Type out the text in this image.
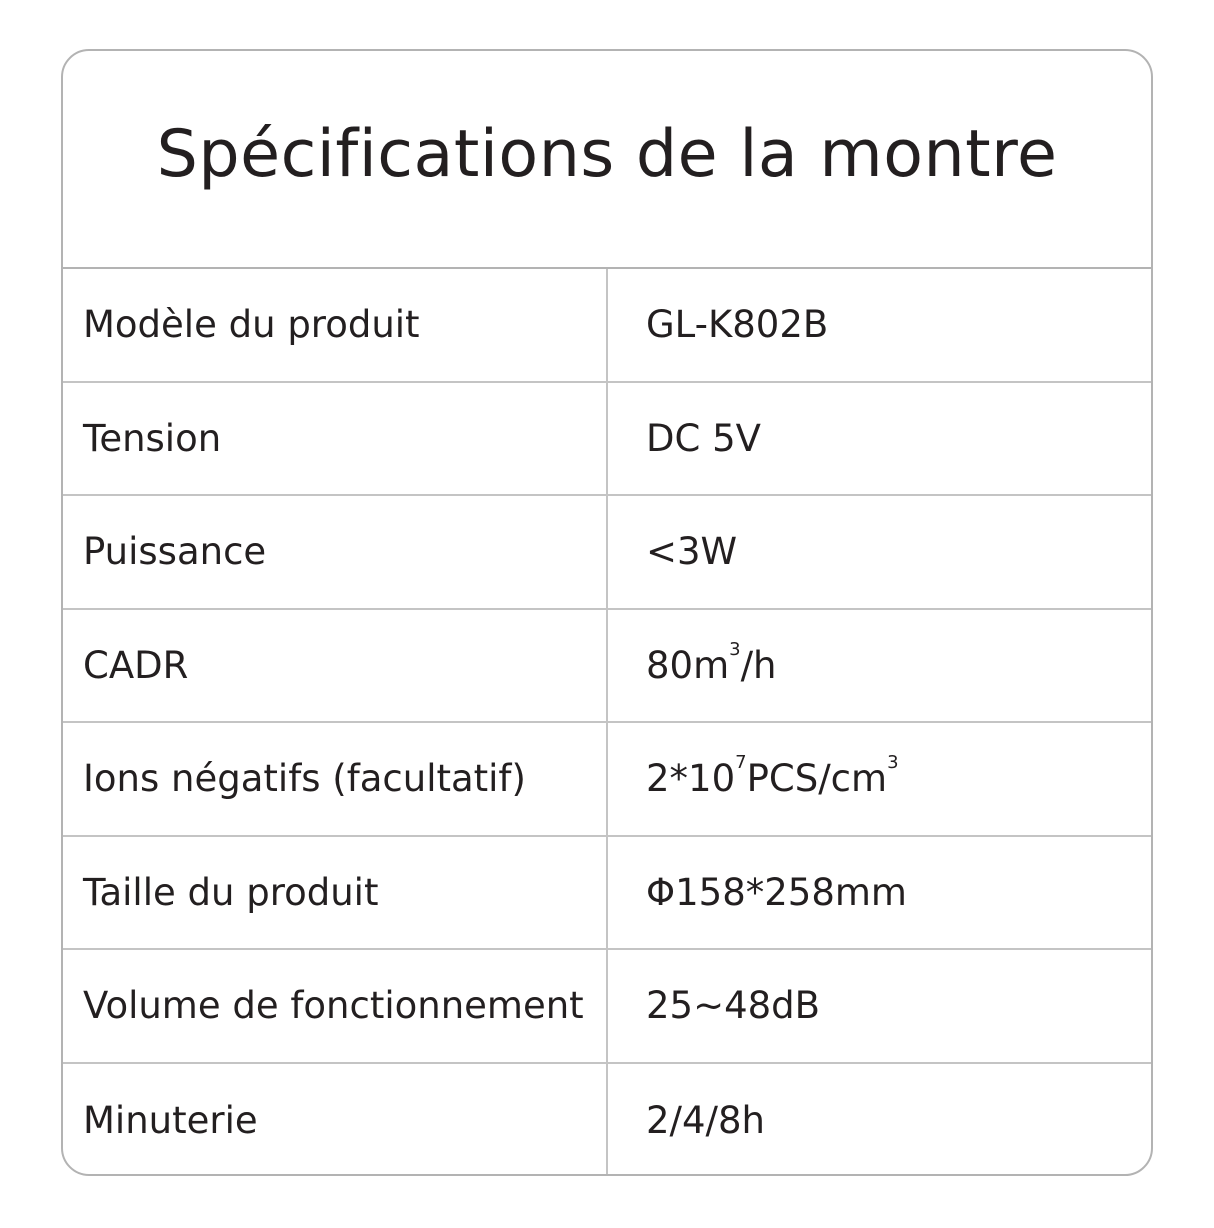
Spécifications de la montre
Modèle du produit	GL-K802B
Tension	DC 5V
Puissance	<3W
CADR	$80m^3$ /h
Ions négatifs (facultatif)	$2*10^7$ PCS/$cm^3$
Taille du produit	Φ158*258mm
Volume de fonctionnement	25~48dB
Minuterie	2/4/8h
